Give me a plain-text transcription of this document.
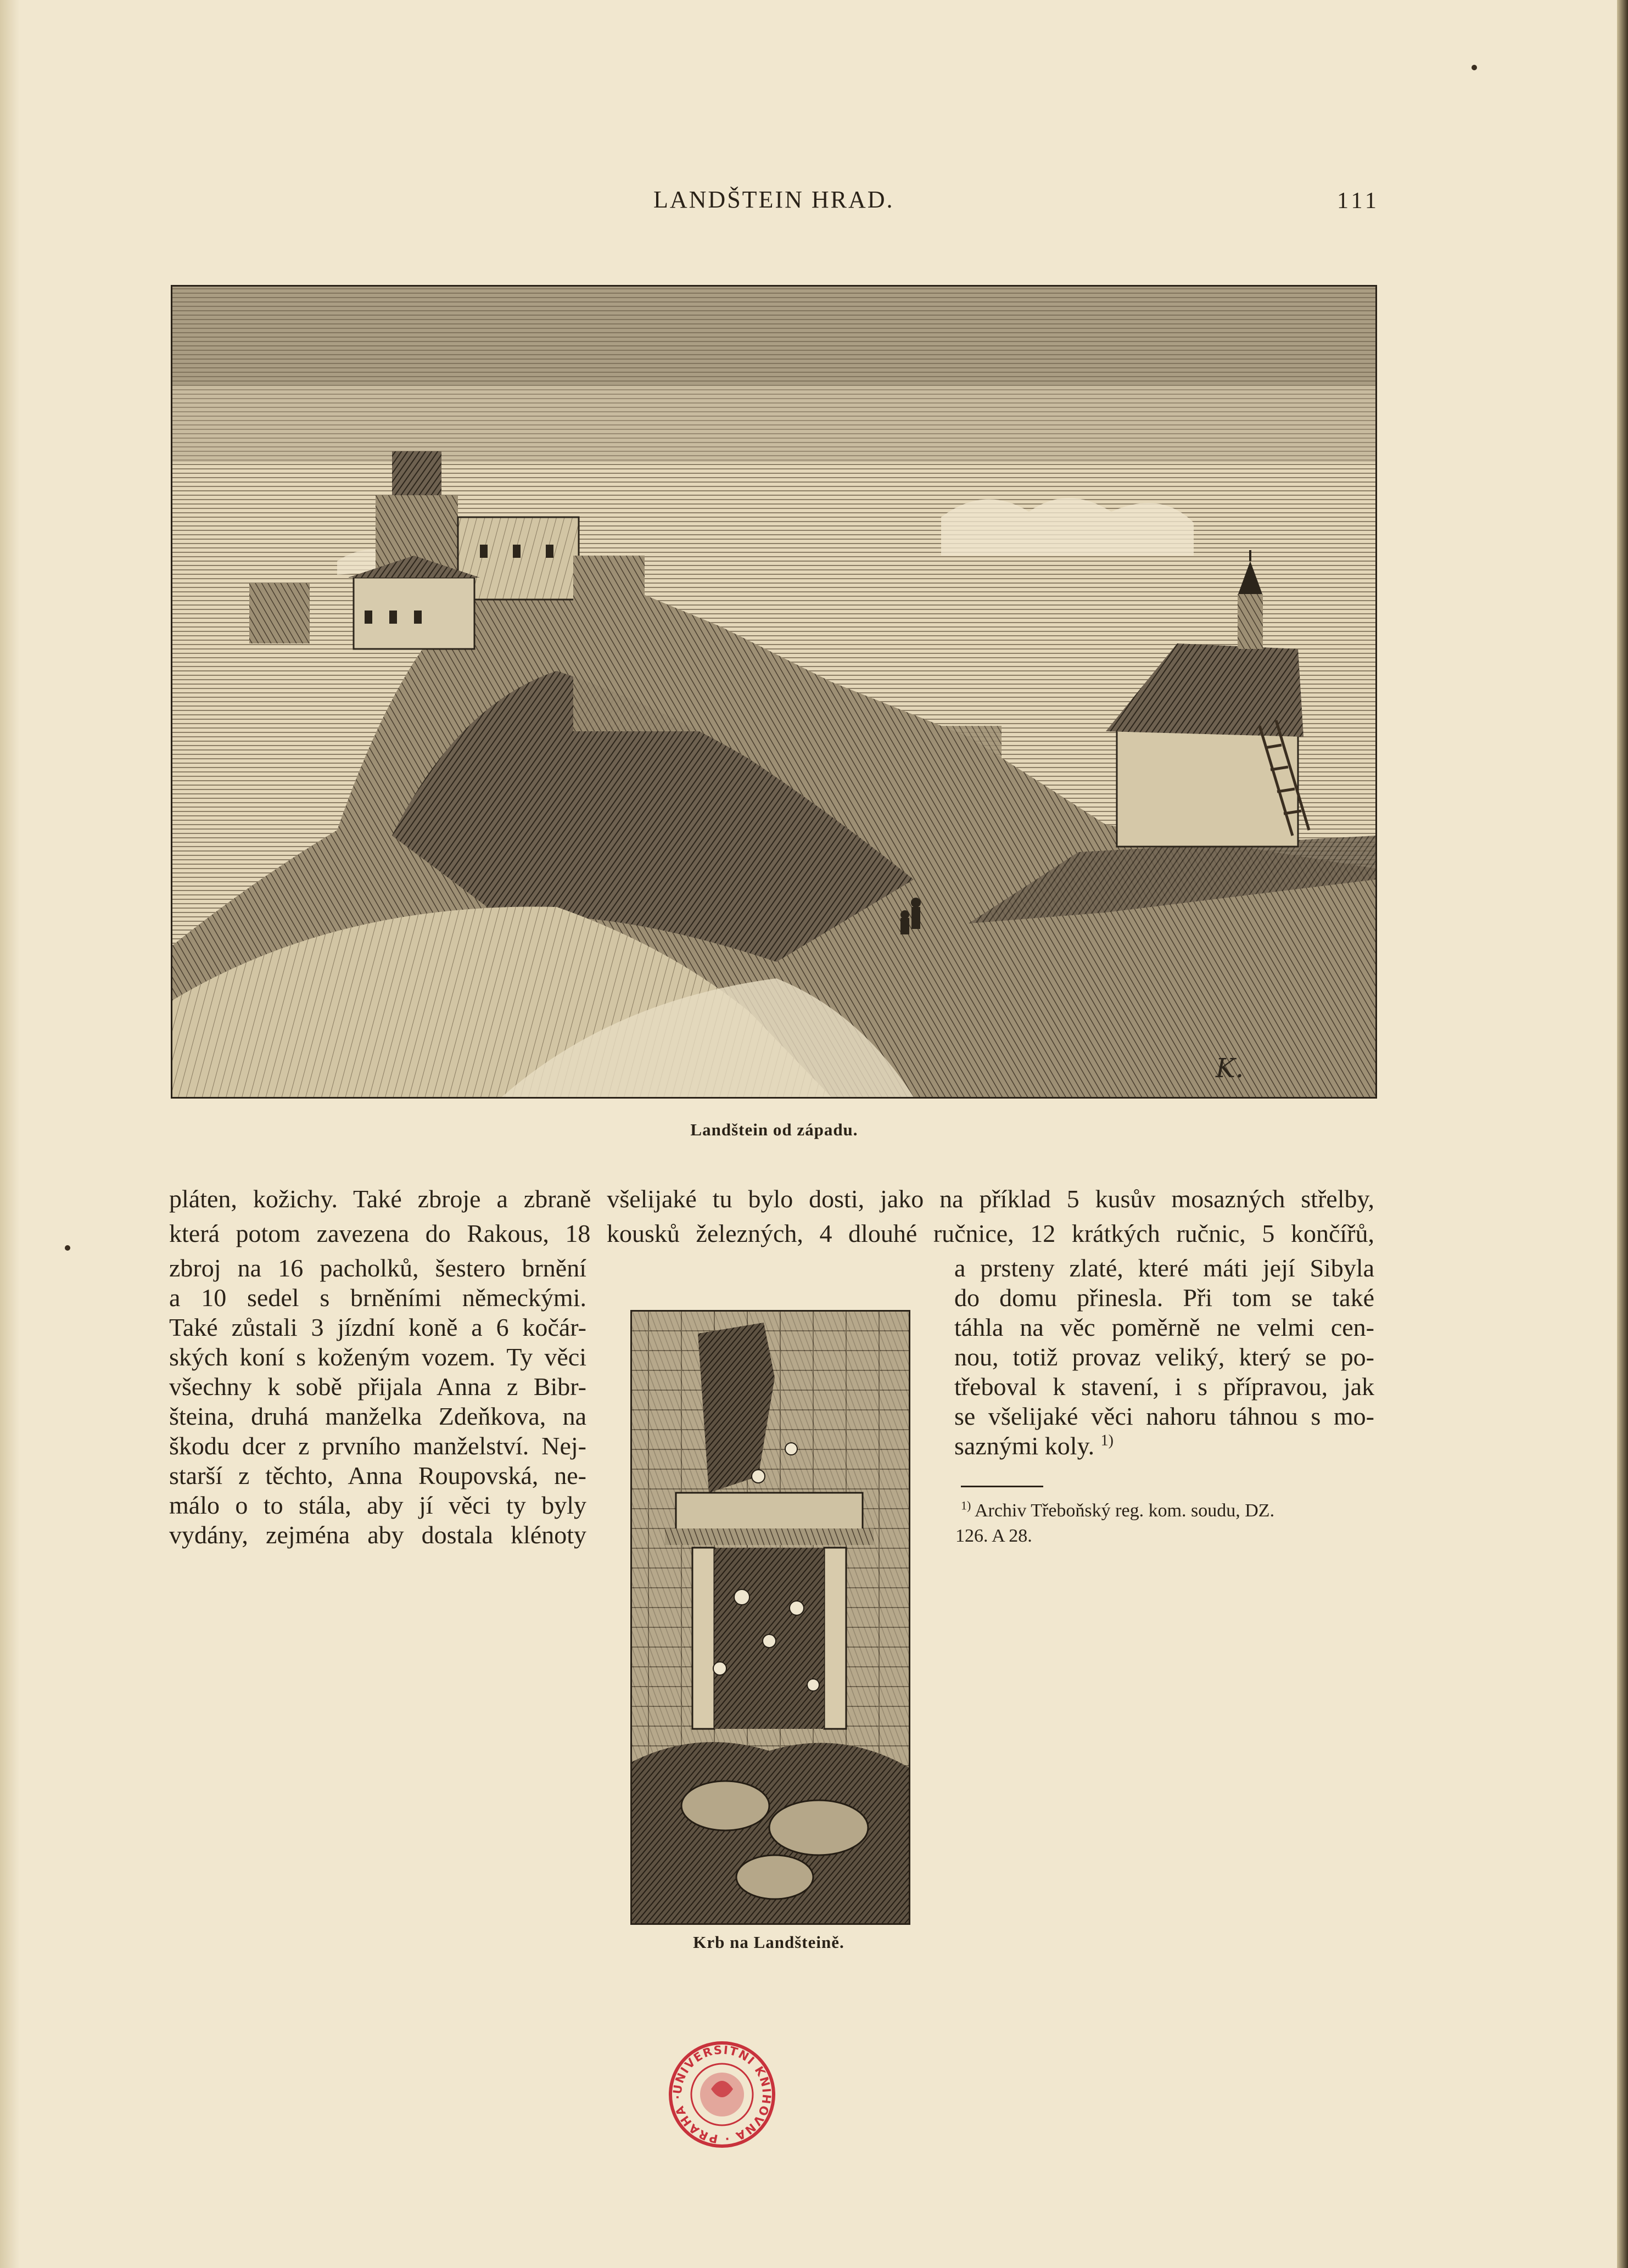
LANDŠTEIN HRAD.	111
K.
Landštein od západu.
pláten, kožichy. Také zbroje a zbraně všelijaké tu bylo dosti, jako na příklad 5 kusův mosazných střelby,
která potom zavezena do Rakous, 18 kousků železných, 4 dlouhé ručnice, 12 krátkých ručnic, 5 končířů,
zbroj na 16 pacholků, šestero brnění
a 10 sedel s brněními německými.
Také zůstali 3 jízdní koně a 6 kočár-
ských koní s koženým vozem. Ty věci
všechny k sobě přijala Anna z Bibr-
šteina, druhá manželka Zdeňkova, na
škodu dcer z prvního manželství. Nej-
starší z těchto, Anna Roupovská, ne-
málo o to stála, aby jí věci ty byly
vydány, zejména aby dostala klénoty
Krb na Landšteině.
a prsteny zlaté, které máti její Sibyla
do domu přinesla. Při tom se také
táhla na věc poměrně ne velmi cen-
nou, totiž provaz veliký, který se po-
třeboval k stavení, i s přípravou, jak
se všelijaké věci nahoru táhnou s mo-
saznými koly. $^{1)}$
$^{1)}$ Archiv Třeboňský reg. kom. soudu, DZ.
126. A 28.
UNIVERSITNÍ KNIHOVNA · PRAHA ·
